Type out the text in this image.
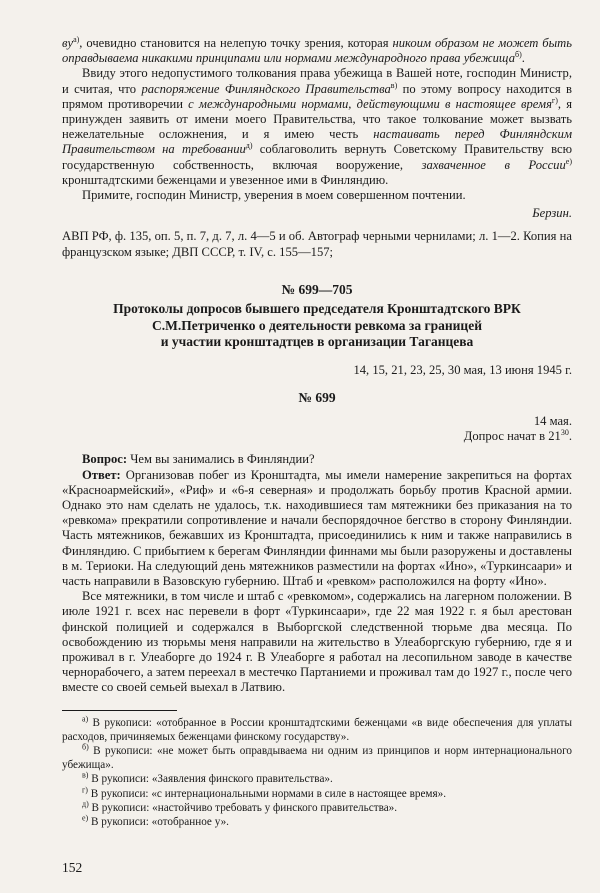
$ву^{а)}$, очевидно становится на нелепую точку зрения, которая никоим образом не может быть оправдываема никакими принципами или нормами международного права убежища$^{б)}$.

Ввиду этого недопустимого толкования права убежища в Вашей ноте, господин Министр, и считая, что распоряжение Финляндского Правительства$^{в)}$ по этому вопросу находится в прямом противоречии с международными нормами, действующими в настоящее время$^{г)}$, я принужден заявить от имени моего Правительства, что такое толкование может вызвать нежелательные осложнения, и я имею честь настаивать перед Финляндским Правительством на требовании$^{д)}$ соблаговолить вернуть Советскому Правительству всю государственную собственность, включая вооружение, захваченное в России$^{е)}$ кронштадтскими беженцами и увезенное ими в Финляндию.

Примите, господин Министр, уверения в моем совершенном почтении.

Берзин.

АВП РФ, ф. 135, оп. 5, п. 7, д. 7, л. 4—5 и об. Автограф черными чернилами; л. 1—2. Копия на французском языке; ДВП СССР, т. IV, с. 155—157;

№ 699—705
Протоколы допросов бывшего председателя Кронштадтского ВРК
С.М.Петриченко о деятельности ревкома за границей
и участии кронштадтцев в организации Таганцева
14, 15, 21, 23, 25, 30 мая, 13 июня 1945 г.
№ 699
14 мая.
Допрос начат в $21^{30}$.

Вопрос: Чем вы занимались в Финляндии?

Ответ: Организовав побег из Кронштадта, мы имели намерение закрепиться на фортах «Красноармейский», «Риф» и «6-я северная» и продолжать борьбу против Красной армии. Однако это нам сделать не удалось, т.к. находившиеся там мятежники без приказания на то «ревкома» прекратили сопротивление и начали беспорядочное бегство в сторону Финляндии. Часть мятежников, бежавших из Кронштадта, присоединились к ним и также направились в Финляндию. С прибытием к берегам Финляндии финнами мы были разоружены и доставлены в м. Териоки. На следующий день мятежников разместили на фортах «Ино», «Туркинсаари» и часть направили в Вазовскую губернию. Штаб и «ревком» расположился на форту «Ино».

Все мятежники, в том числе и штаб с «ревкомом», содержались на лагерном положении. В июле 1921 г. всех нас перевели в форт «Туркинсаари», где 22 мая 1922 г. я был арестован финской полицией и содержался в Выборгской следственной тюрьме два месяца. По освобождению из тюрьмы меня направили на жительство в Улеаборгскую губернию, где я и проживал в г. Улеаборге до 1924 г. В Улеаборге я работал на лесопильном заводе в качестве чернорабочего, а затем переехал в местечко Партаниеми и проживал там до 1927 г., после чего вместе со своей семьей выехал в Латвию.

$^{а)}$ В рукописи: «отобранное в России кронштадтскими беженцами «в виде обеспечения для уплаты расходов, причиняемых беженцами финскому государству».

$^{б)}$ В рукописи: «не может быть оправдываема ни одним из принципов и норм интернационального убежища».

$^{в)}$ В рукописи: «Заявления финского правительства».

$^{г)}$ В рукописи: «с интернациональными нормами в силе в настоящее время».

$^{д)}$ В рукописи: «настойчиво требовать у финского правительства».

$^{е)}$ В рукописи: «отобранное у».

152
